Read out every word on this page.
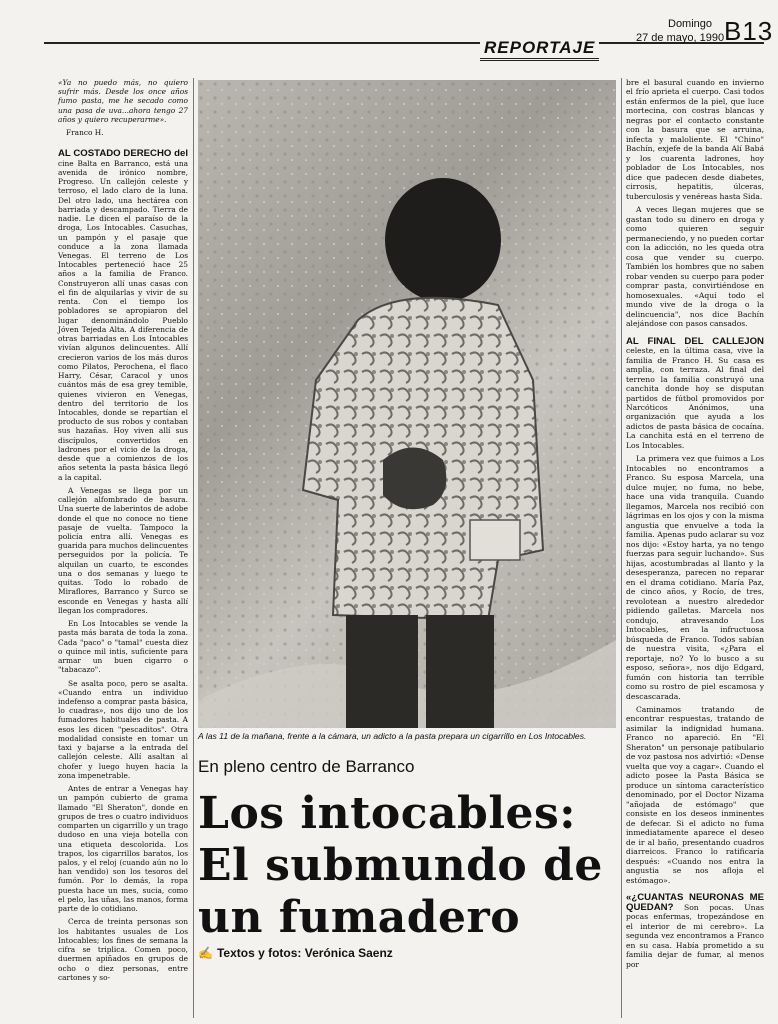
REPORTAJE
Domingo
27 de mayo, 1990 B13

«Ya no puedo más, no quiero sufrir más. Desde los once años fumo pasta, me he secado como una pasa de uva...ahora tengo 27 años y quiero recuperarme».

Franco H.

AL COSTADO DERECHO del cine Balta en Barranco, está una avenida de irónico nombre, Progreso. Un callejón celeste y terroso, el lado claro de la luna. Del otro lado, una hectárea con barriada y descampado. Tierra de nadie. Le dicen el paraíso de la droga, Los Intocables. Casuchas, un pampón y el pasaje que conduce a la zona llamada Venegas. El terreno de Los Intocables perteneció hace 25 años a la familia de Franco. Construyeron allí unas casas con el fin de alquilarlas y vivir de su renta. Con el tiempo los pobladores se apropiaron del lugar denominándolo Pueblo Jóven Tejeda Alta. A diferencia de otras barriadas en Los Intocables vivían algunos delincuentes. Allí crecieron varios de los más duros como Pilatos, Perochena, el flaco Harry, César, Caracol y unos cuántos más de esa grey temible, quienes vivieron en Venegas, dentro del territorio de los Intocables, donde se repartían el producto de sus robos y contaban sus hazañas. Hoy viven allí sus discípulos, convertidos en ladrones por el vicio de la droga, desde que a comienzos de los años setenta la pasta básica llegó a la capital.

A Venegas se llega por un callejón alfombrado de basura. Una suerte de laberintos de adobe donde el que no conoce no tiene pasaje de vuelta. Tampoco la policía entra allí. Venegas es guarida para muchos delincuentes perseguidos por la policía. Te alquilan un cuarto, te escondes una o dos semanas y luego te quitas. Todo lo robado de Miraflores, Barranco y Surco se esconde en Venegas y hasta allí llegan los compradores.

En Los Intocables se vende la pasta más barata de toda la zona. Cada "paco" o "tamal" cuesta diez o quince mil intis, suficiente para armar un buen cigarro o "tabacazo".

Se asalta poco, pero se asalta. «Cuando entra un individuo indefenso a comprar pasta básica, lo cuadras», nos dijo uno de los fumadores habituales de pasta. A esos les dicen "pescaditos". Otra modalidad consiste en tomar un taxi y bajarse a la entrada del callejón celeste. Allí asaltan al chofer y luego huyen hacia la zona impenetrable.

Antes de entrar a Venegas hay un pampón cubierto de grama llamado "El Sheraton", donde en grupos de tres o cuatro individuos comparten un cigarrillo y un trago dudoso en una vieja botella con una etiqueta descolorida. Los trapos, los cigarrillos baratos, los palos, y el reloj (cuando aún no lo han vendido) son los tesoros del fumón. Por lo demás, la ropa puesta hace un mes, sucia, como el pelo, las uñas, las manos, forma parte de lo cotidiano.

Cerca de treinta personas son los habitantes usuales de Los Intocables; los fines de semana la cifra se triplica. Comen poco, duermen apiñados en grupos de ocho o diez personas, entre cartones y so-

A las 11 de la mañana, frente a la cámara, un adicto a la pasta prepara un cigarrillo en Los Intocables.
En pleno centro de Barranco
Los intocables:
El submundo de
un fumadero
✍ Textos y fotos: Verónica Saenz

bre el basural cuando en invierno el frío aprieta el cuerpo. Casi todos están enfermos de la piel, que luce mortecina, con costras blancas y negras por el contacto constante con la basura que se arruina, infecta y maloliente. El "Chino" Bachín, exjefe de la banda Alí Babá y los cuarenta ladrones, hoy poblador de Los Intocables, nos dice que padecen desde diabetes, cirrosis, hepatitis, úlceras, tuberculosis y venéreas hasta Sida.

A veces llegan mujeres que se gastan todo su dinero en droga y como quieren seguir permaneciendo, y no pueden cortar con la adicción, no les queda otra cosa que vender su cuerpo. También los hombres que no saben robar venden su cuerpo para poder comprar pasta, convirtiéndose en homosexuales. «Aquí todo el mundo vive de la droga o la delincuencia", nos dice Bachín alejándose con pasos cansados.

AL FINAL DEL CALLEJON celeste, en la última casa, vive la familia de Franco H. Su casa es amplia, con terraza. Al final del terreno la familia construyó una canchita donde hoy se disputan partidos de fútbol promovidos por Narcóticos Anónimos, una organización que ayuda a los adictos de pasta básica de cocaína. La canchita está en el terreno de Los Intocables.

La primera vez que fuimos a Los Intocables no encontramos a Franco. Su esposa Marcela, una dulce mujer, no fuma, no bebe, hace una vida tranquila. Cuando llegamos, Marcela nos recibió con lágrimas en los ojos y con la misma angustia que envuelve a toda la familia. Apenas pudo aclarar su voz nos dijo: «Estoy harta, ya no tengo fuerzas para seguir luchando». Sus hijas, acostumbradas al llanto y la desesperanza, parecen no reparar en el drama cotidiano. María Paz, de cinco años, y Rocío, de tres, revolotean a nuestro alrededor pidiendo galletas. Marcela nos condujo, atravesando Los Intocables, en la infructuosa búsqueda de Franco. Todos sabían de nuestra visita, «¿Para el reportaje, no? Yo lo busco a su esposo, señora», nos dijo Edgard, fumón con historia tan terrible como su rostro de piel escamosa y descascarada.

Caminamos tratando de encontrar respuestas, tratando de asimilar la indignidad humana. Franco no apareció. En "El Sheraton" un personaje patibulario de voz pastosa nos advirtió: «Dense vuelta que voy a cagar». Cuando el adicto posee la Pasta Básica se produce un síntoma característico denominado, por el Doctor Nizama "añojada de estómago" que consiste en los deseos inminentes de defecar. Si el adicto no fuma inmediatamente aparece el deseo de ir al baño, presentando cuadros diarreicos. Franco lo ratificaría después: «Cuando nos entra la angustia se nos afloja el estómago».

«¿CUANTAS NEURONAS ME QUEDAN? Son pocas. Unas pocas enfermas, tropezándose en el interior de mi cerebro». La segunda vez encontramos a Franco en su casa. Había prometido a su familia dejar de fumar, al menos por
